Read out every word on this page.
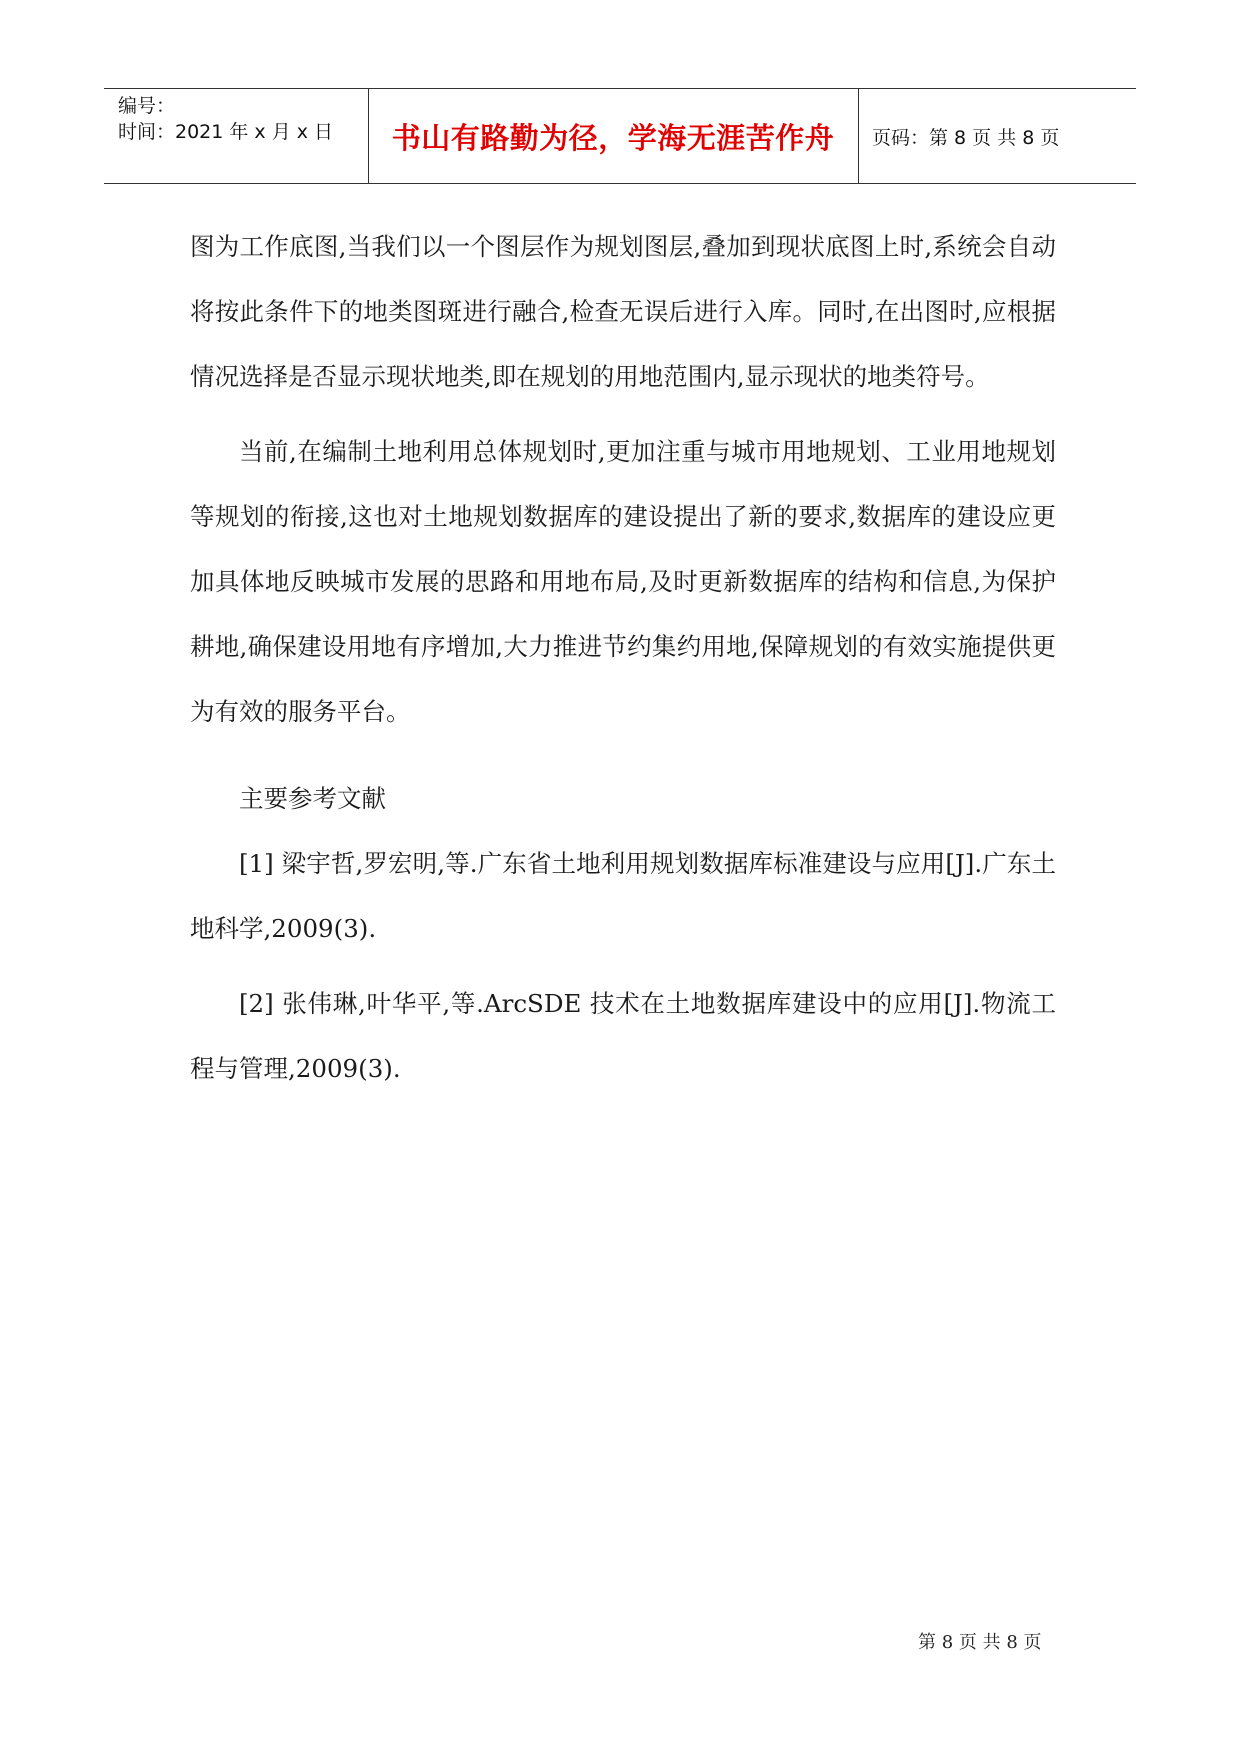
编号：
时间：2021 年 x 月 x 日 书山有路勤为径，学海无涯苦作舟 页码：第 8 页 共 8 页

图为工作底图,当我们以一个图层作为规划图层,叠加到现状底图上时,系统会自动将按此条件下的地类图斑进行融合,检查无误后进行入库。同时,在出图时,应根据情况选择是否显示现状地类,即在规划的用地范围内,显示现状的地类符号。

当前,在编制土地利用总体规划时,更加注重与城市用地规划、工业用地规划等规划的衔接,这也对土地规划数据库的建设提出了新的要求,数据库的建设应更加具体地反映城市发展的思路和用地布局,及时更新数据库的结构和信息,为保护耕地,确保建设用地有序增加,大力推进节约集约用地,保障规划的有效实施提供更为有效的服务平台。

主要参考文献

[1] 梁宇哲,罗宏明,等.广东省土地利用规划数据库标准建设与应用[J].广东土地科学,2009(3).

[2] 张伟琳,叶华平,等.ArcSDE 技术在土地数据库建设中的应用[J].物流工程与管理,2009(3).

第 8 页 共 8 页
